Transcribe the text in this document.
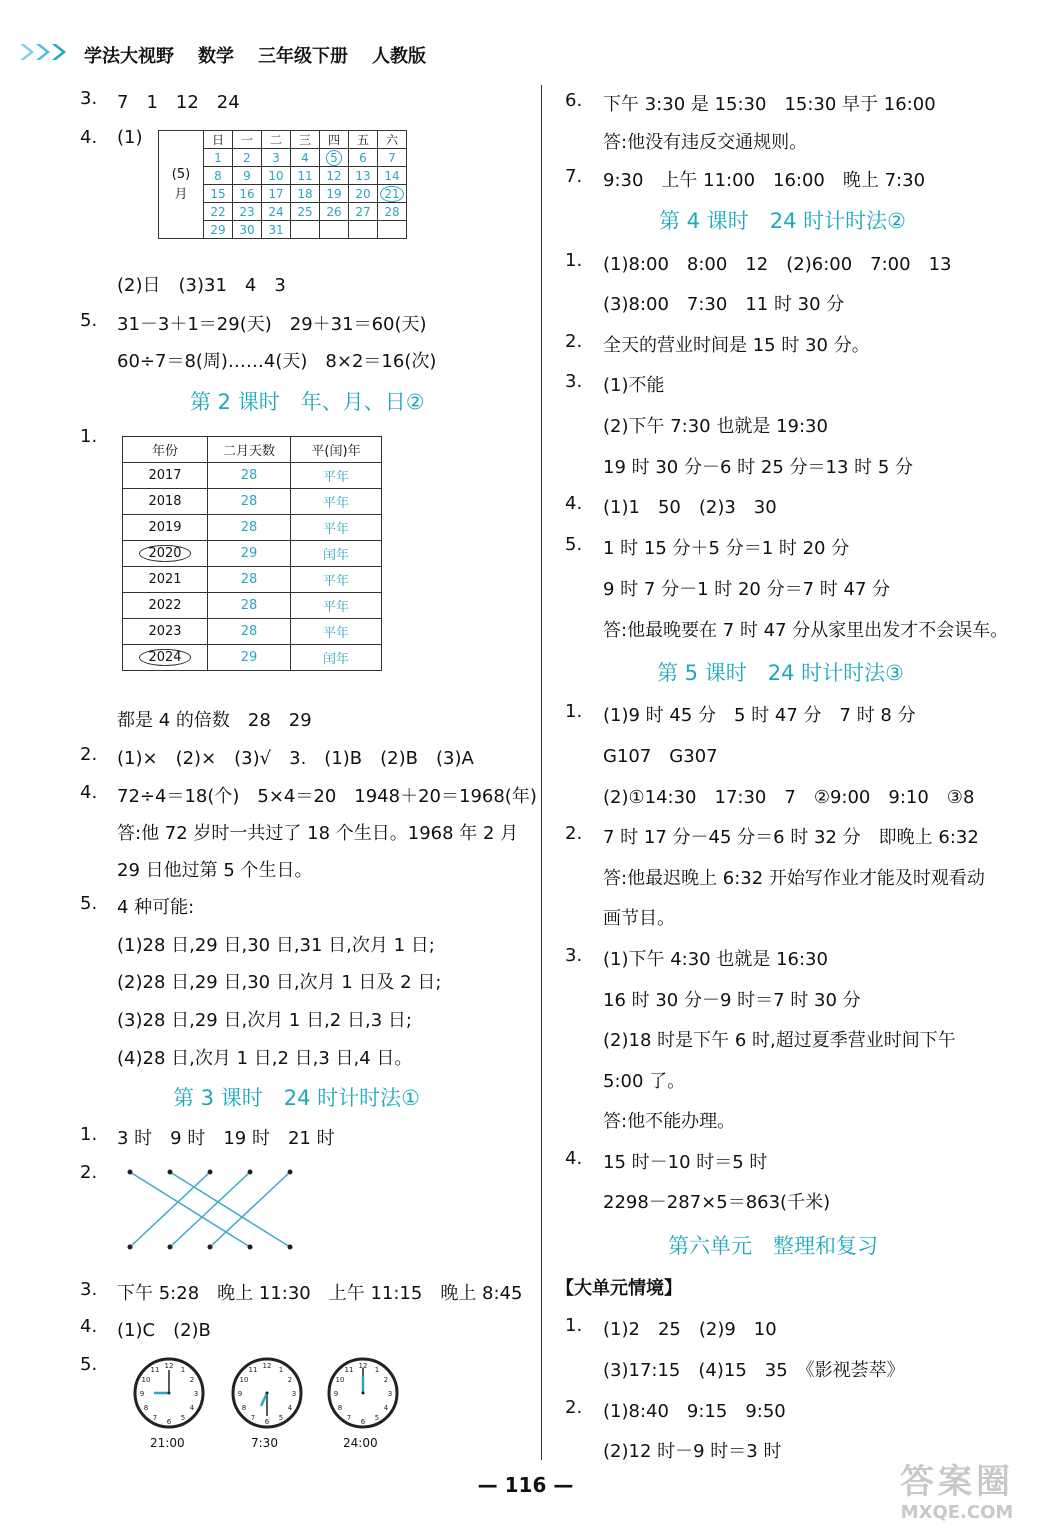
学法大视野 数学 三年级下册 人教版
3. 7　1　12　24
4. (1)
(5)
月	日	一	二	三	四	五	六
	1	2	3	4	5	6	7
	8	9	10	11	12	13	14
	15	16	17	18	19	20	21
	22	23	24	25	26	27	28
	29	30	31				
(2)日　(3)31　4　3
5. 31－3＋1＝29(天)　29＋31＝60(天)
60÷7＝8(周)……4(天)　8×2＝16(次)
第 2 课时　年、月、日②
1.
年份	二月天数	平(闰)年
2017	28	平年
2018	28	平年
2019	28	平年
2020	29	闰年
2021	28	平年
2022	28	平年
2023	28	平年
2024	29	闰年
都是 4 的倍数　28　29
2. (1)×　(2)×　(3)√　3.　(1)B　(2)B　(3)A
4. 72÷4＝18(个)　5×4＝20　1948＋20＝1968(年)
答:他 72 岁时一共过了 18 个生日。1968 年 2 月
29 日他过第 5 个生日。
5. 4 种可能:
(1)28 日,29 日,30 日,31 日,次月 1 日;
(2)28 日,29 日,30 日,次月 1 日及 2 日;
(3)28 日,29 日,次月 1 日,2 日,3 日;
(4)28 日,次月 1 日,2 日,3 日,4 日。
第 3 课时　24 时计时法①
1. 3 时　9 时　19 时　21 时
2.
3. 下午 5:28　晚上 11:30　上午 11:15　晚上 8:45
4. (1)C　(2)B
5.	12
6
3
9
1
2
4
5
7
8
10
11	12
6
3
9
1
2
4
5
7
8
10
11	12
6
3
9
1
2
4
5
7
8
10
11
21:00	7:30	24:00
6. 下午 3:30 是 15:30　15:30 早于 16:00
答:他没有违反交通规则。
7. 9:30　上午 11:00　16:00　晚上 7:30
第 4 课时　24 时计时法②
1. (1)8:00　8:00　12　(2)6:00　7:00　13
(3)8:00　7:30　11 时 30 分
2. 全天的营业时间是 15 时 30 分。
3. (1)不能
(2)下午 7:30 也就是 19:30
19 时 30 分－6 时 25 分＝13 时 5 分
4. (1)1　50　(2)3　30
5. 1 时 15 分＋5 分＝1 时 20 分
9 时 7 分－1 时 20 分＝7 时 47 分
答:他最晚要在 7 时 47 分从家里出发才不会误车。
第 5 课时　24 时计时法③
1. (1)9 时 45 分　5 时 47 分　7 时 8 分
G107　G307
(2)①14:30　17:30　7　②9:00　9:10　③8
2. 7 时 17 分－45 分＝6 时 32 分　即晚上 6:32
答:他最迟晚上 6:32 开始写作业才能及时观看动
画节目。
3. (1)下午 4:30 也就是 16:30
16 时 30 分－9 时＝7 时 30 分
(2)18 时是下午 6 时,超过夏季营业时间下午
5:00 了。
答:他不能办理。
4. 15 时－10 时＝5 时
2298－287×5＝863(千米)
第六单元　整理和复习
【大单元情境】
1. (1)2　25　(2)9　10
(3)17:15　(4)15　35　《影视荟萃》
2. (1)8:40　9:15　9:50
(2)12 时－9 时＝3 时
— 116 —	答案圈
MXQE.COM
